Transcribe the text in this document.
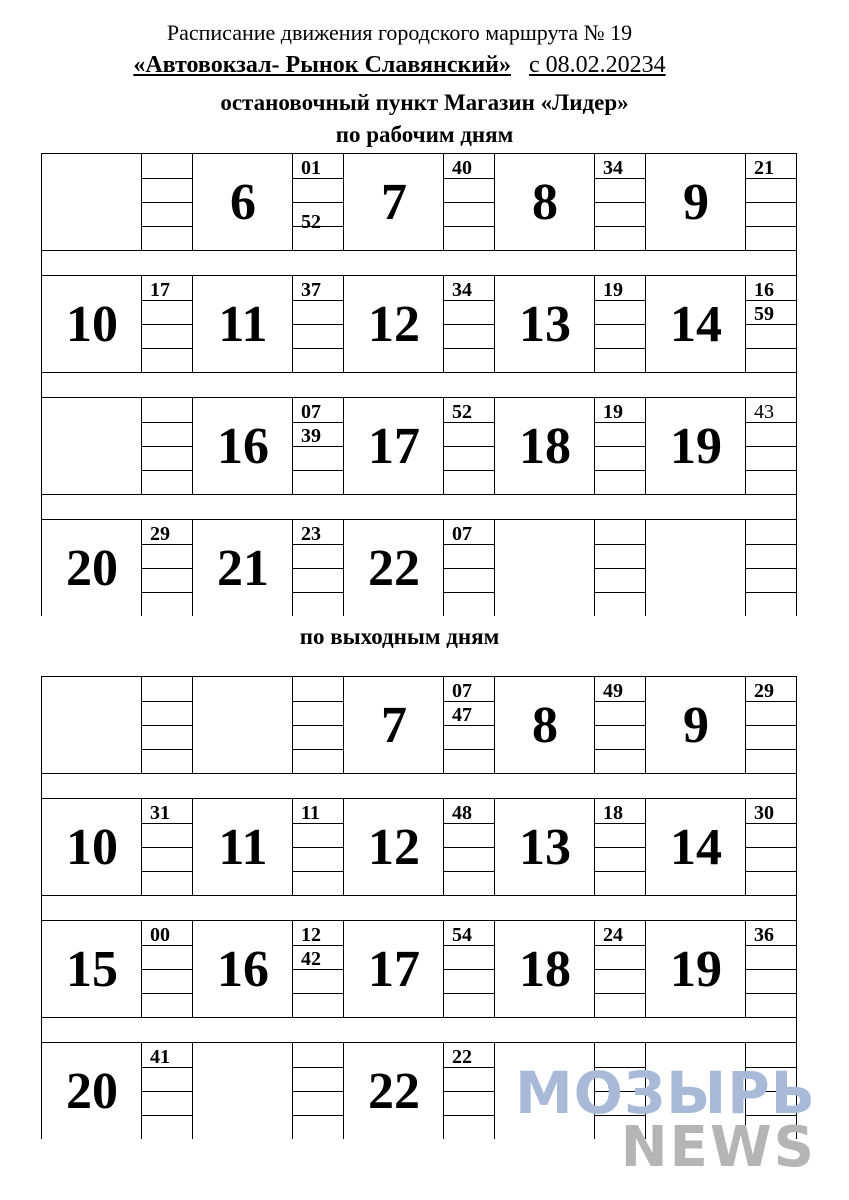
Расписание движения городского маршрута № 19
«Автовокзал- Рынок Славянский» с 08.02.20234
остановочный пункт Магазин «Лидер»
по рабочим дням
6
01
52	7
40
8
34
9
21
10
17
11
37
12
34
13
19
14
16
59
16
07
39 17
52
18
19
19
43
20
29
21
23
22
07
по выходным дням
7
07
47	8
49
9
29
10
31
11
11
12
48
13
18
14
30
15
00
16
12
42 17
54
18
24
19
36
20
41
22
22
МОЗЫРЬ
NEWS
